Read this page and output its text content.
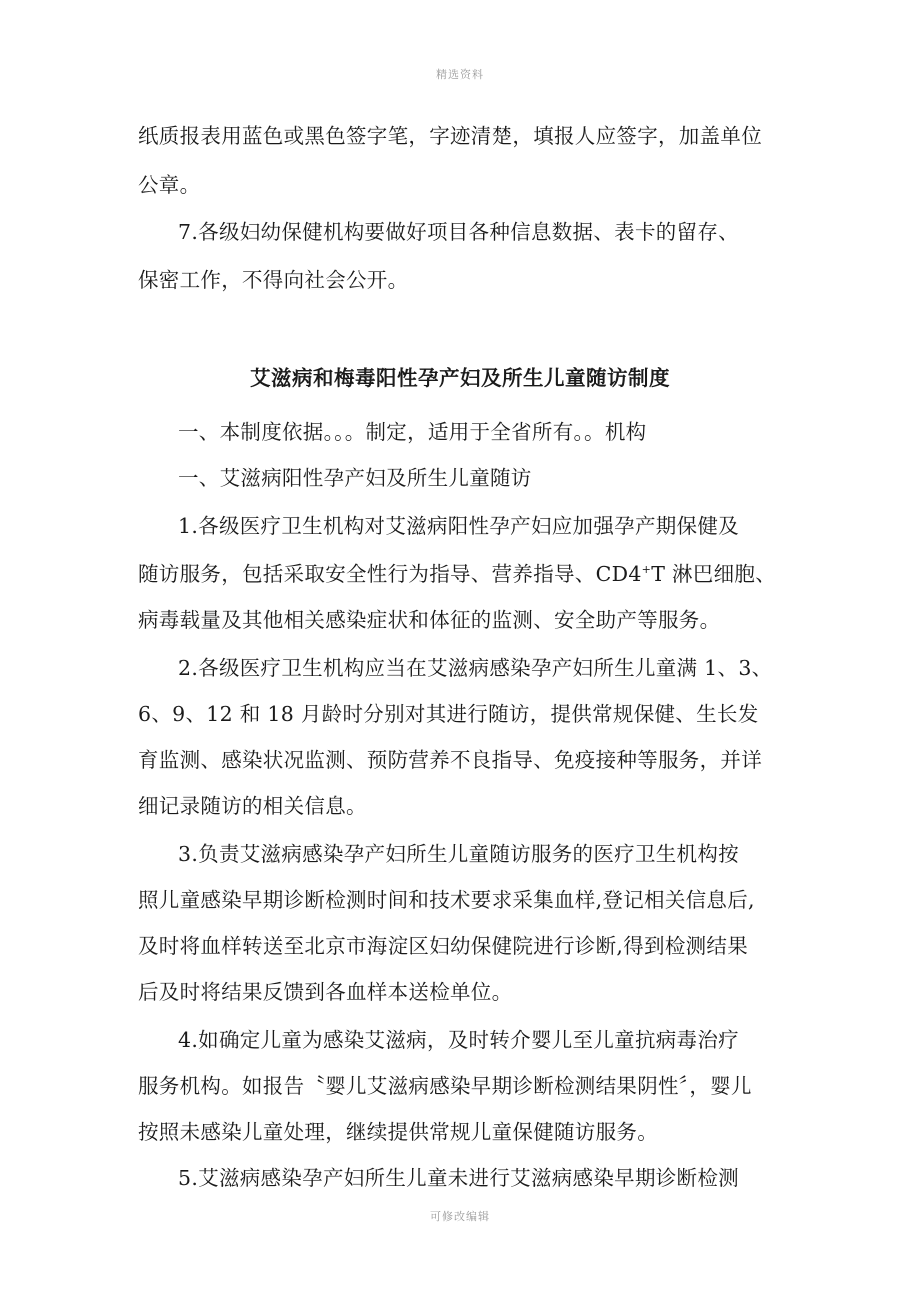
精选资料
纸质报表用蓝色或黑色签字笔，字迹清楚，填报人应签字，加盖单位
公章。
7.各级妇幼保健机构要做好项目各种信息数据、表卡的留存、
保密工作，不得向社会公开。
艾滋病和梅毒阳性孕产妇及所生儿童随访制度
一、本制度依据。。。制定，适用于全省所有。。机构
一、艾滋病阳性孕产妇及所生儿童随访
1.各级医疗卫生机构对艾滋病阳性孕产妇应加强孕产期保健及
随访服务，包括采取安全性行为指导、营养指导、CD4+T 淋巴细胞、
病毒载量及其他相关感染症状和体征的监测、安全助产等服务。
2.各级医疗卫生机构应当在艾滋病感染孕产妇所生儿童满 1、3、
6、9、12 和 18 月龄时分别对其进行随访，提供常规保健、生长发
育监测、感染状况监测、预防营养不良指导、免疫接种等服务，并详
细记录随访的相关信息。
3.负责艾滋病感染孕产妇所生儿童随访服务的医疗卫生机构按
照儿童感染早期诊断检测时间和技术要求采集血样,登记相关信息后,
及时将血样转送至北京市海淀区妇幼保健院进行诊断,得到检测结果
后及时将结果反馈到各血样本送检单位。
4.如确定儿童为感染艾滋病，及时转介婴儿至儿童抗病毒治疗
服务机构。如报告〝婴儿艾滋病感染早期诊断检测结果阴性〞，婴儿
按照未感染儿童处理，继续提供常规儿童保健随访服务。
5.艾滋病感染孕产妇所生儿童未进行艾滋病感染早期诊断检测
可修改编辑
